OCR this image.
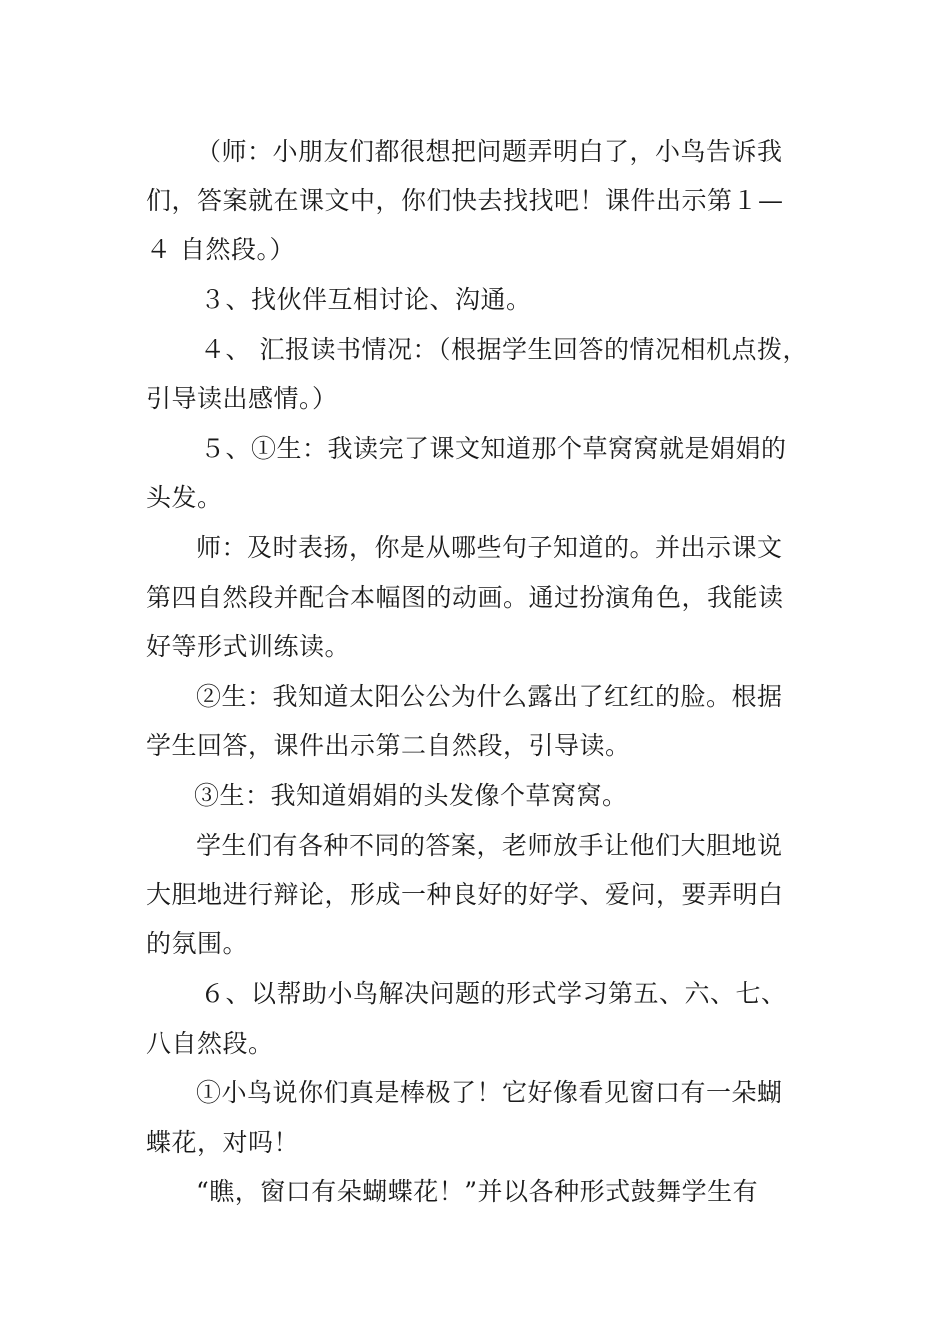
（师：小朋友们都很想把问题弄明白了，小鸟告诉我
们，答案就在课文中，你们快去找找吧！课件出示第１—
４ 自然段。）
３、找伙伴互相讨论、沟通。
４、 汇报读书情况：（根据学生回答的情况相机点拨，
引导读出感情。）
５、①生：我读完了课文知道那个草窝窝就是娟娟的
头发。
师：及时表扬，你是从哪些句子知道的。并出示课文
第四自然段并配合本幅图的动画。通过扮演角色，我能读
好等形式训练读。
②生：我知道太阳公公为什么露出了红红的脸。根据
学生回答，课件出示第二自然段，引导读。
③生：我知道娟娟的头发像个草窝窝。
学生们有各种不同的答案，老师放手让他们大胆地说
大胆地进行辩论，形成一种良好的好学、爱问，要弄明白
的氛围。
６、以帮助小鸟解决问题的形式学习第五、六、七、
八自然段。
①小鸟说你们真是棒极了！它好像看见窗口有一朵蝴
蝶花，对吗！
“瞧，窗口有朵蝴蝶花！”并以各种形式鼓舞学生有
